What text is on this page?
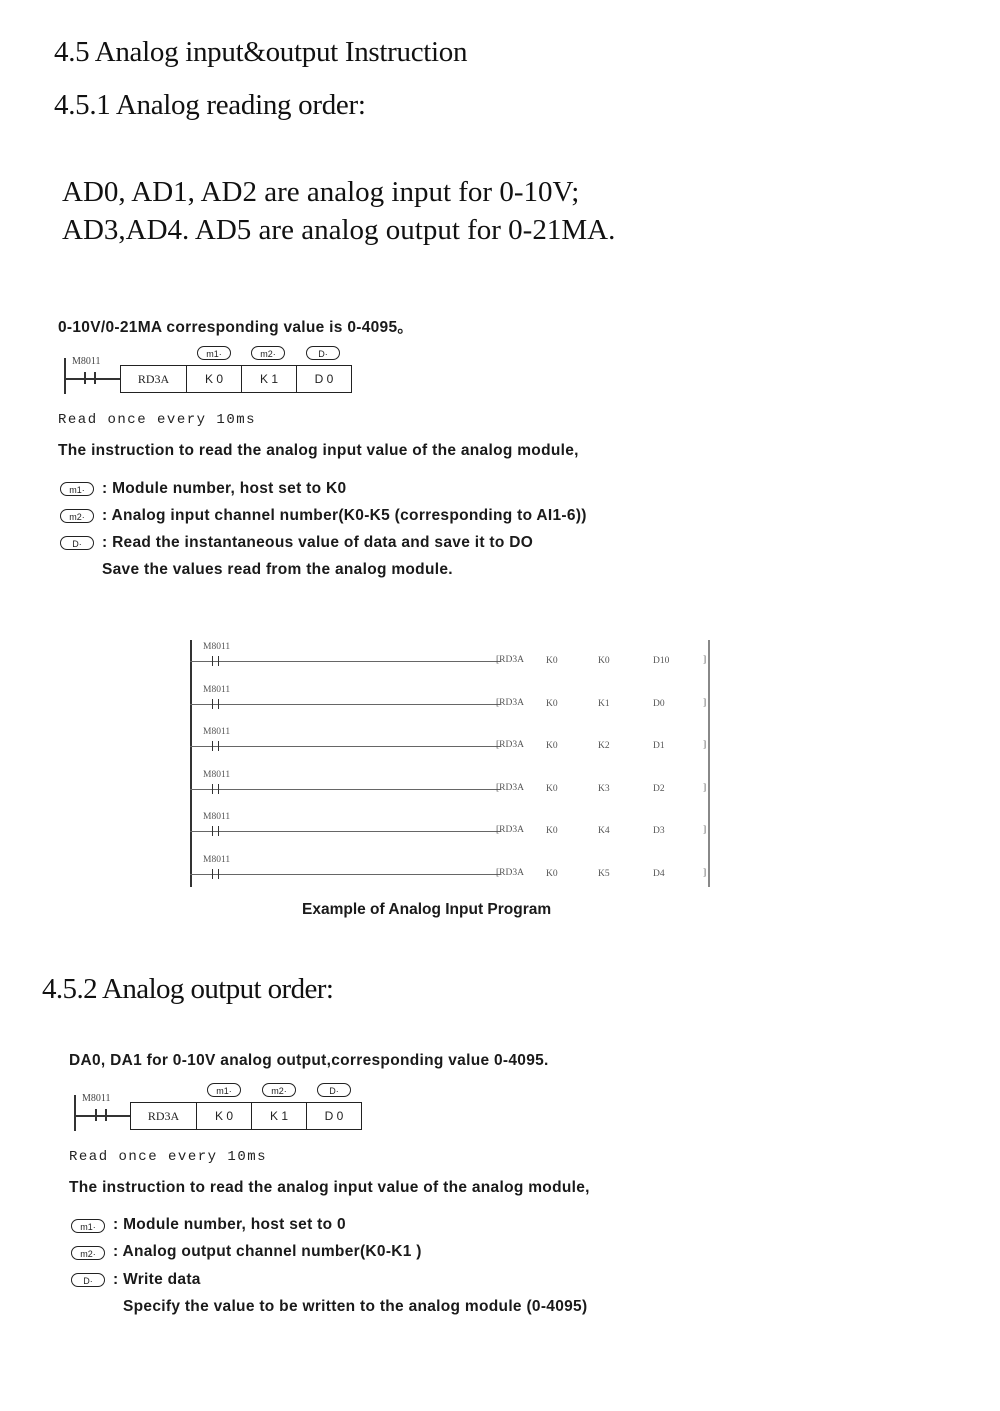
4.5 Analog input&output Instruction
4.5.1 Analog reading order:
AD0, AD1, AD2 are analog input for 0-10V;
AD3,AD4. AD5 are analog output for 0-21MA.
0-10V/0-21MA corresponding value is 0-4095。
M8011
m1·	m2·	D·
RD3A	K 0	K 1	D 0
Read once every 10ms
The instruction to read the analog input value of the analog module,
m1·	: Module number, host set to K0
m2·	: Analog input channel number(K0-K5 (corresponding to AI1-6))
D·	: Read the instantaneous value of data and save it to DO
Save the values read from the analog module.
M8011
[RD3A K0	K0	D10	]
M8011
[RD3A K0	K1	D0	]
M8011
[RD3A K0	K2	D1	]
M8011
[RD3A K0	K3	D2	]
M8011
[RD3A K0	K4	D3	]
M8011
[RD3A K0	K5	D4	]
Example of Analog Input Program
4.5.2 Analog output order:
DA0, DA1 for 0-10V analog output,corresponding value 0-4095.
M8011
m1·	m2·	D·
RD3A	K 0	K 1	D 0
Read once every 10ms
The instruction to read the analog input value of the analog module,
m1·	: Module number, host set to 0
m2·	: Analog output channel number(K0-K1 )
D·	: Write data
Specify the value to be written to the analog module (0-4095)
